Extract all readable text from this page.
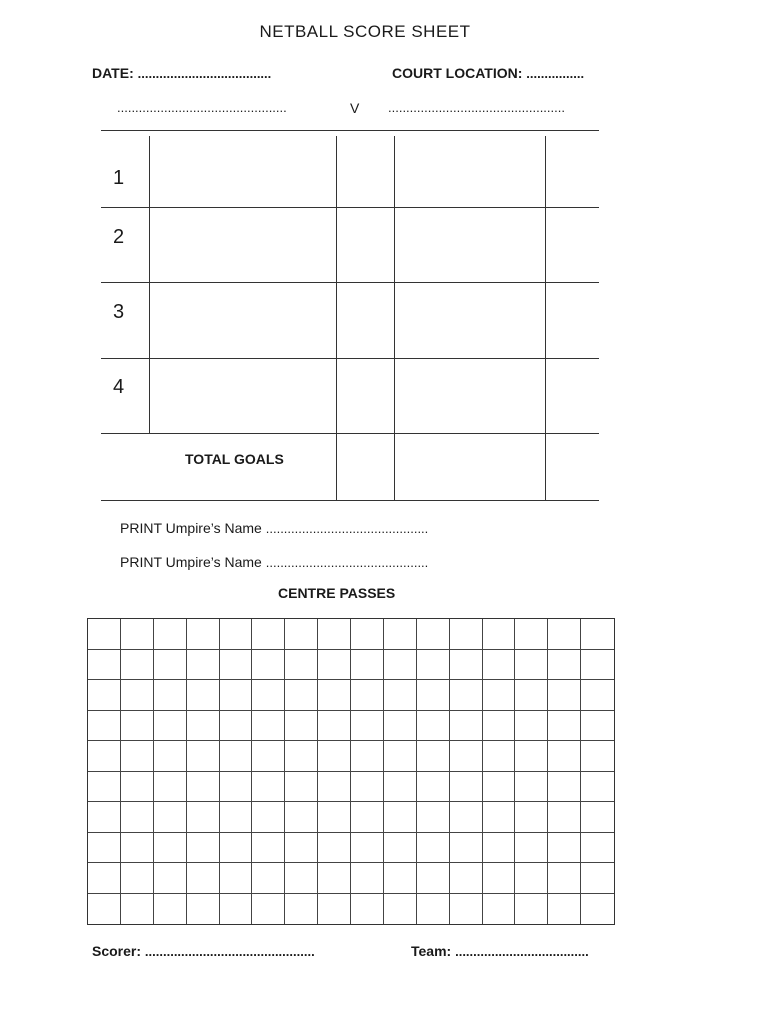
NETBALL SCORE SHEET
DATE: .....................................	COURT LOCATION: ................
...............................................	V .................................................
1
2
3
4
TOTAL GOALS
PRINT Umpire’s Name .............................................
PRINT Umpire’s Name .............................................
CENTRE PASSES
Scorer: ...............................................	Team: .....................................
